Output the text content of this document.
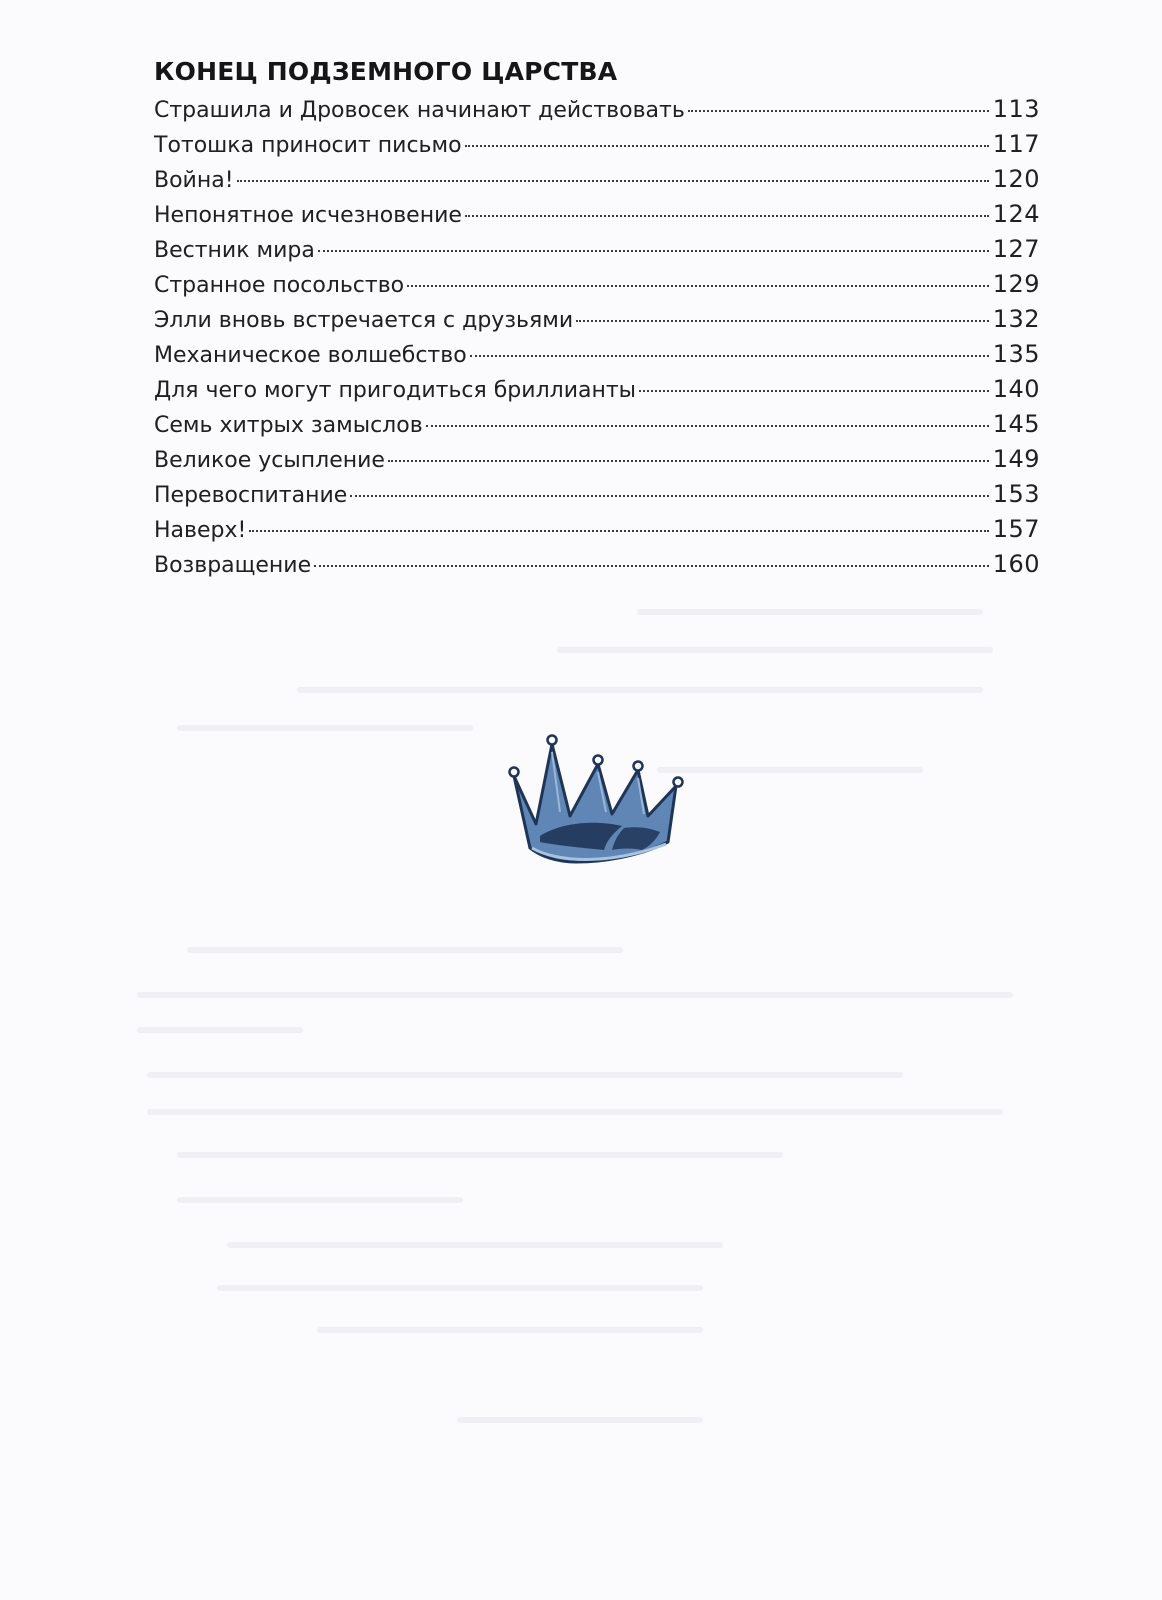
КОНЕЦ ПОДЗЕМНОГО ЦАРСТВА
Страшила и Дровосек начинают действовать	113
Тотошка приносит письмо	117
Война!	120
Непонятное исчезновение	124
Вестник мира	127
Странное посольство	129
Элли вновь встречается с друзьями	132
Механическое волшебство	135
Для чего могут пригодиться бриллианты	140
Семь хитрых замыслов	145
Великое усыпление	149
Перевоспитание	153
Наверх!	157
Возвращение	160
